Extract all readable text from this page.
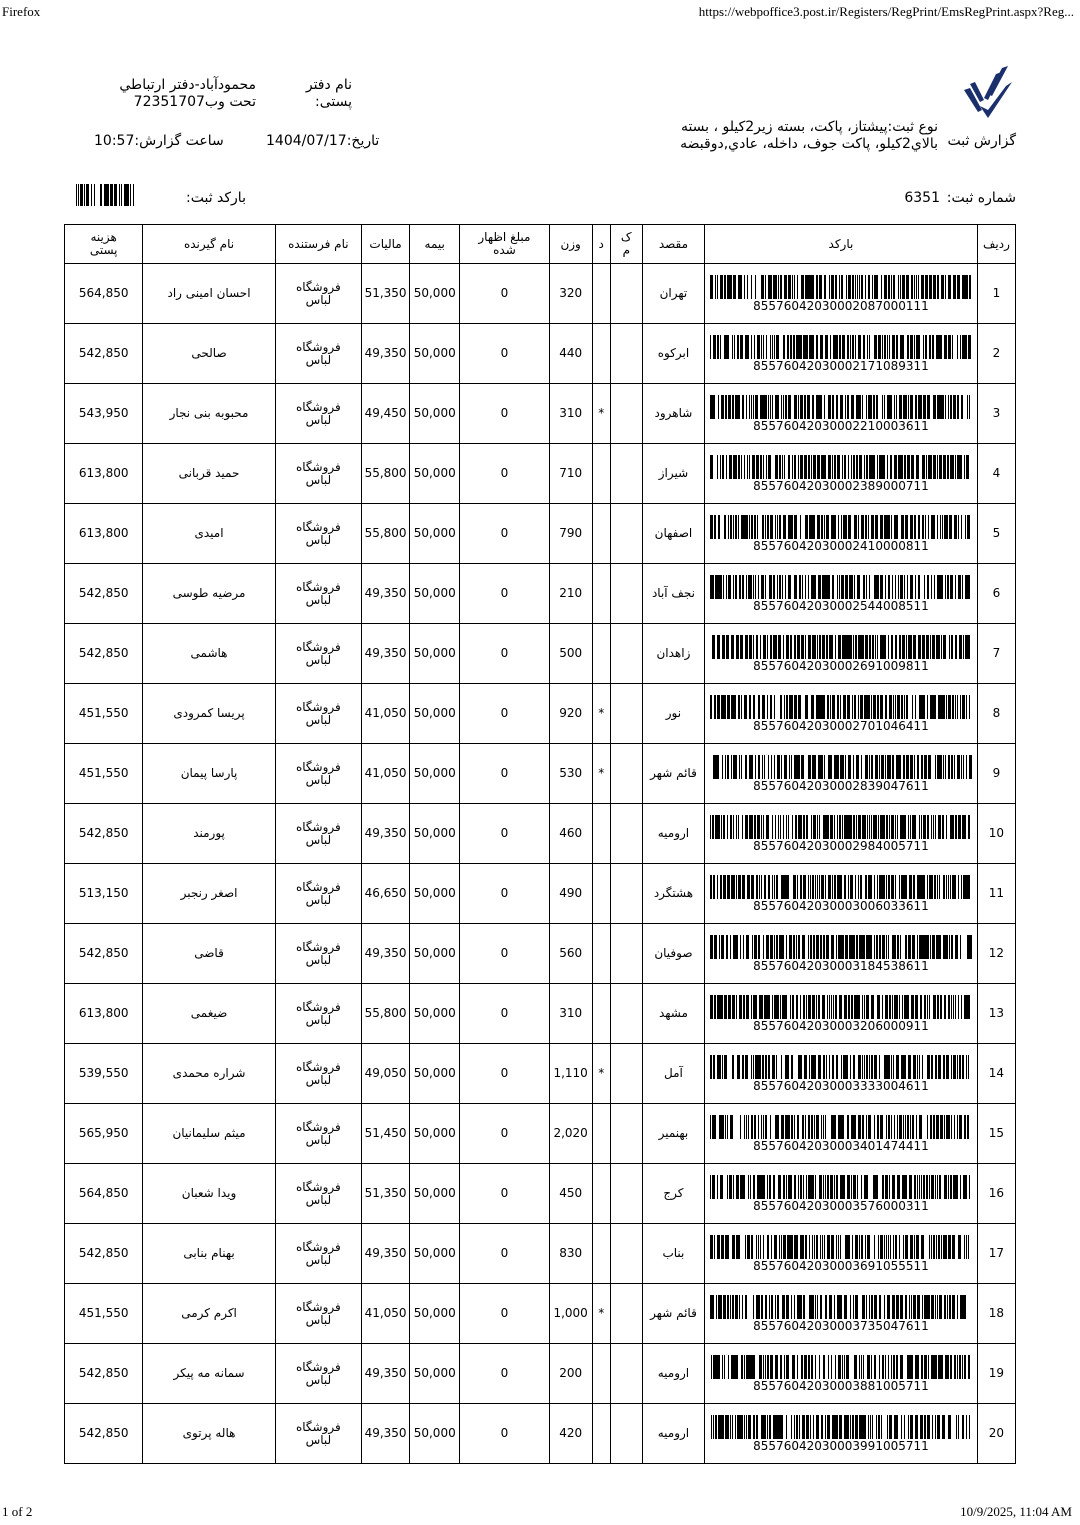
Firefox	https://webpoffice3.post.ir/Registers/RegPrint/EmsRegPrint.aspx?Reg...
1 of 2	10/9/2025, 11:04 AM
گزارش ثبت
نوع ثبت:پيشتاز، پاکت، بسته زير2کيلو ، بسته بالاي2کيلو، پاکت جوف، داخله، عادي,دوقبضه
نام دفتر پستی:
محمودآباد-دفتر ارتباطي تحت وب72351707
تاریخ:1404/07/17
ساعت گزارش:10:57
شماره ثبت:
6351
بارکد ثبت:
ردیف	بارکد	مقصد	ک م	د	وزن	مبلغ اظهار شده	بیمه	مالیات	نام فرستنده	نام گیرنده	هزینه پستی
1	85576042030002087000111	تهران			320	0	50,000	51,350	فروشگاه لباس	احسان امینی راد	564,850
2	85576042030002171089311	ابرکوه			440	0	50,000	49,350	فروشگاه لباس	صالحی	542,850
3	85576042030002210003611	شاهرود		*	310	0	50,000	49,450	فروشگاه لباس	محبوبه بنی نجار	543,950
4	85576042030002389000711	شیراز			710	0	50,000	55,800	فروشگاه لباس	حمید قربانی	613,800
5	85576042030002410000811	اصفهان			790	0	50,000	55,800	فروشگاه لباس	امیدی	613,800
6	85576042030002544008511	نجف آباد			210	0	50,000	49,350	فروشگاه لباس	مرضیه طوسی	542,850
7	85576042030002691009811	زاهدان			500	0	50,000	49,350	فروشگاه لباس	هاشمی	542,850
8	85576042030002701046411	نور		*	920	0	50,000	41,050	فروشگاه لباس	پریسا کمرودی	451,550
9	85576042030002839047611	قائم شهر		*	530	0	50,000	41,050	فروشگاه لباس	پارسا پیمان	451,550
10	85576042030002984005711	ارومیه			460	0	50,000	49,350	فروشگاه لباس	پورمند	542,850
11	85576042030003006033611	هشتگرد			490	0	50,000	46,650	فروشگاه لباس	اصغر رنجبر	513,150
12	85576042030003184538611	صوفیان			560	0	50,000	49,350	فروشگاه لباس	قاضی	542,850
13	85576042030003206000911	مشهد			310	0	50,000	55,800	فروشگاه لباس	ضیغمی	613,800
14	85576042030003333004611	آمل		*	1,110	0	50,000	49,050	فروشگاه لباس	شراره محمدی	539,550
15	85576042030003401474411	بهنمیر			2,020	0	50,000	51,450	فروشگاه لباس	میثم سلیمانیان	565,950
16	85576042030003576000311	کرج			450	0	50,000	51,350	فروشگاه لباس	ویدا شعبان	564,850
17	85576042030003691055511	بناب			830	0	50,000	49,350	فروشگاه لباس	بهنام بنابی	542,850
18	85576042030003735047611	قائم شهر		*	1,000	0	50,000	41,050	فروشگاه لباس	اکرم کرمی	451,550
19	85576042030003881005711	ارومیه			200	0	50,000	49,350	فروشگاه لباس	سمانه مه پیکر	542,850
20	85576042030003991005711	ارومیه			420	0	50,000	49,350	فروشگاه لباس	هاله پرتوی	542,850
